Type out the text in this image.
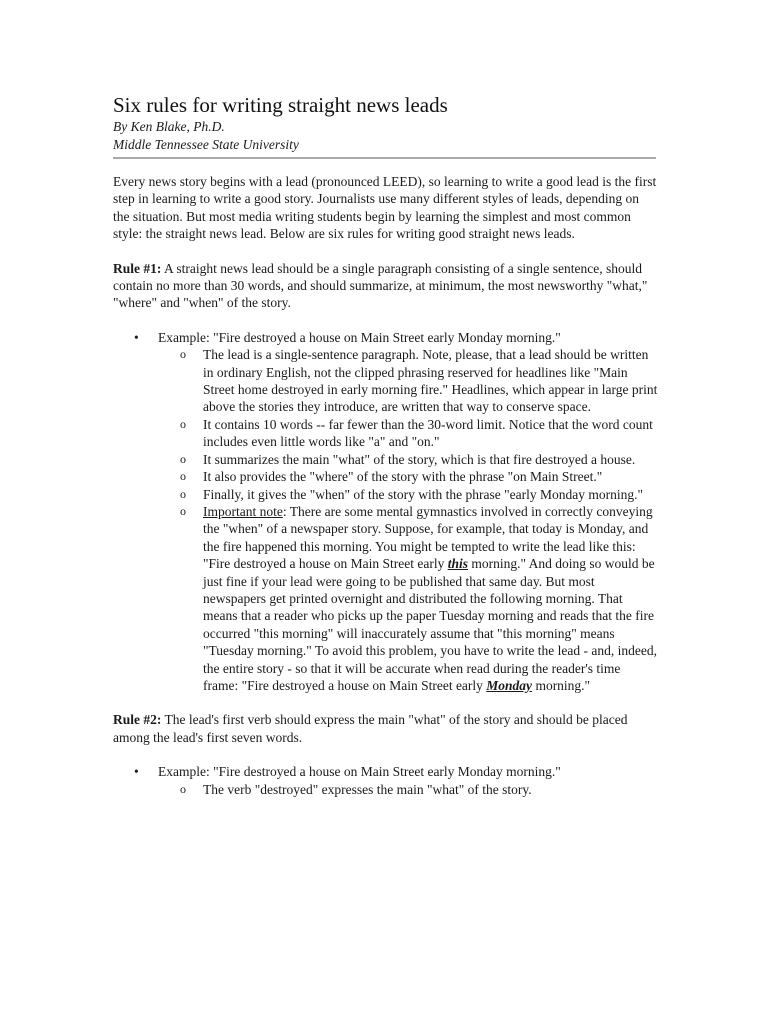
Six rules for writing straight news leads

By Ken Blake, Ph.D.

Middle Tennessee State University

Every news story begins with a lead (pronounced LEED), so learning to write a good lead is the first step in learning to write a good story. Journalists use many different styles of leads, depending on the situation. But most media writing students begin by learning the simplest and most common style: the straight news lead. Below are six rules for writing good straight news leads.

Rule #1: A straight news lead should be a single paragraph consisting of a single sentence, should contain no more than 30 words, and should summarize, at minimum, the most newsworthy "what," "where" and "when" of the story.

• Example: "Fire destroyed a house on Main Street early Monday morning."
o The lead is a single-sentence paragraph. Note, please, that a lead should be written in ordinary English, not the clipped phrasing reserved for headlines like "Main Street home destroyed in early morning fire." Headlines, which appear in large print above the stories they introduce, are written that way to conserve space.
o It contains 10 words -- far fewer than the 30-word limit. Notice that the word count includes even little words like "a" and "on."
o It summarizes the main "what" of the story, which is that fire destroyed a house.
o It also provides the "where" of the story with the phrase "on Main Street."
o Finally, it gives the "when" of the story with the phrase "early Monday morning."
o Important note: There are some mental gymnastics involved in correctly conveying the "when" of a newspaper story. Suppose, for example, that today is Monday, and the fire happened this morning. You might be tempted to write the lead like this: "Fire destroyed a house on Main Street early this morning." And doing so would be just fine if your lead were going to be published that same day. But most newspapers get printed overnight and distributed the following morning. That means that a reader who picks up the paper Tuesday morning and reads that the fire occurred "this morning" will inaccurately assume that "this morning" means "Tuesday morning." To avoid this problem, you have to write the lead - and, indeed, the entire story - so that it will be accurate when read during the reader's time frame: "Fire destroyed a house on Main Street early Monday morning."

Rule #2: The lead's first verb should express the main "what" of the story and should be placed among the lead's first seven words.

• Example: "Fire destroyed a house on Main Street early Monday morning."
o The verb "destroyed" expresses the main "what" of the story.
